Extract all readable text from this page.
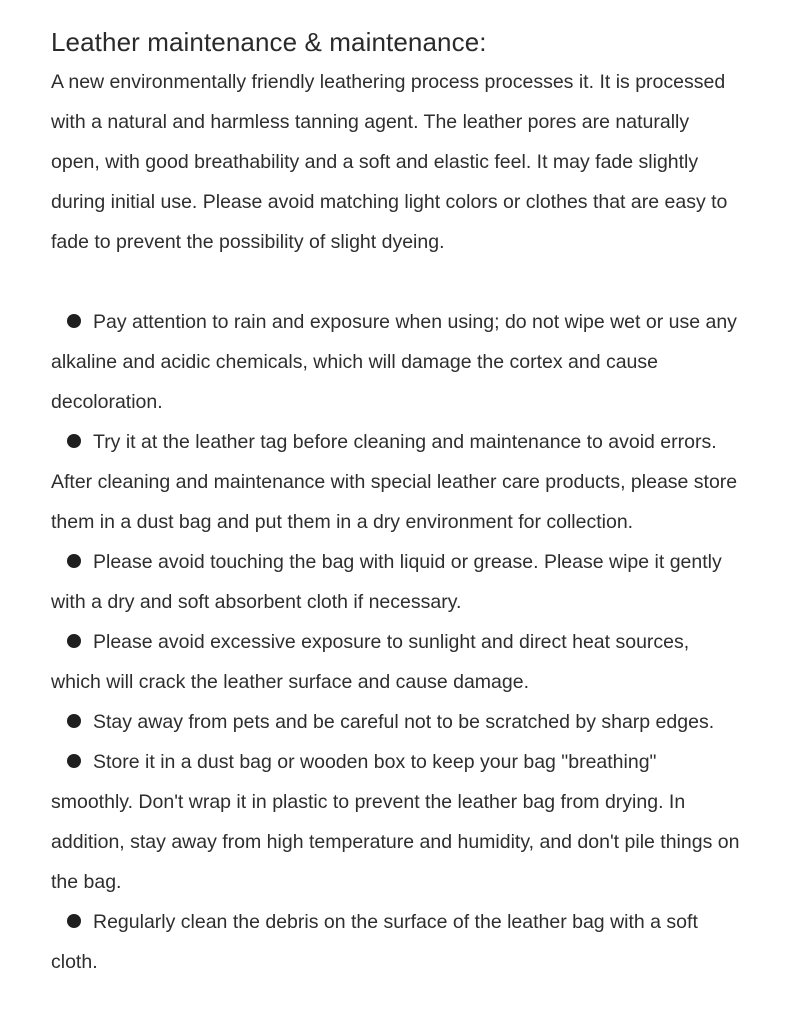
Leather maintenance & maintenance:

A new environmentally friendly leathering process processes it. It is processed with a natural and harmless tanning agent. The leather pores are naturally open, with good breathability and a soft and elastic feel. It may fade slightly during initial use. Please avoid matching light colors or clothes that are easy to fade to prevent the possibility of slight dyeing.

Pay attention to rain and exposure when using; do not wipe wet or use any alkaline and acidic chemicals, which will damage the cortex and cause decoloration.
Try it at the leather tag before cleaning and maintenance to avoid errors. After cleaning and maintenance with special leather care products, please store them in a dust bag and put them in a dry environment for collection.
Please avoid touching the bag with liquid or grease. Please wipe it gently with a dry and soft absorbent cloth if necessary.
Please avoid excessive exposure to sunlight and direct heat sources, which will crack the leather surface and cause damage.
Stay away from pets and be careful not to be scratched by sharp edges.
Store it in a dust bag or wooden box to keep your bag "breathing" smoothly. Don't wrap it in plastic to prevent the leather bag from drying. In addition, stay away from high temperature and humidity, and don't pile things on the bag.
Regularly clean the debris on the surface of the leather bag with a soft cloth.
